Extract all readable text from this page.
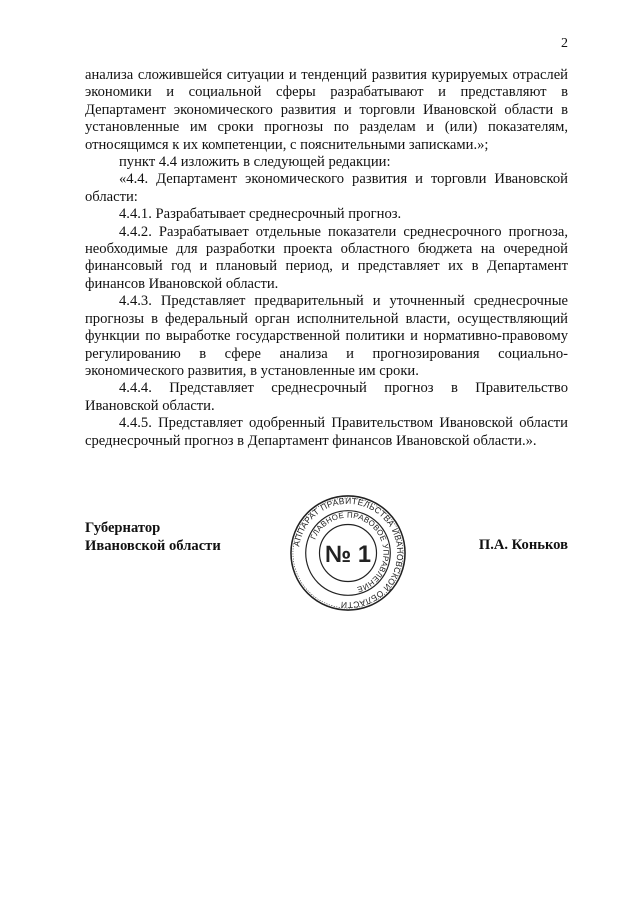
2

анализа сложившейся ситуации и тенденций развития курируемых отраслей экономики и социальной сферы разрабатывают и представляют в Департамент экономического развития и торговли Ивановской области в установленные им сроки прогнозы по разделам и (или) показателям, относящимся к их компетенции, с пояснительными записками.»;

пункт 4.4 изложить в следующей редакции:

«4.4. Департамент экономического развития и торговли Ивановской области:

4.4.1. Разрабатывает среднесрочный прогноз.

4.4.2. Разрабатывает отдельные показатели среднесрочного прогноза, необходимые для разработки проекта областного бюджета на очередной финансовый год и плановый период, и представляет их в Департамент финансов Ивановской области.

4.4.3. Представляет предварительный и уточненный среднесрочные прогнозы в федеральный орган исполнительной власти, осуществляющий функции по выработке государственной политики и нормативно-правовому регулированию в сфере анализа и прогнозирования социально-экономического развития, в установленные им сроки.

4.4.4. Представляет среднесрочный прогноз в Правительство Ивановской области.

4.4.5. Представляет одобренный Правительством Ивановской области среднесрочный прогноз в Департамент финансов Ивановской области.».

Губернатор
Ивановской области	П.А. Коньков
АППАРАТ ПРАВИТЕЛЬСТВА ИВАНОВСКОЙ ОБЛАСТИ
ГЛАВНОЕ ПРАВОВОЕ УПРАВЛЕНИЕ
№ 1
